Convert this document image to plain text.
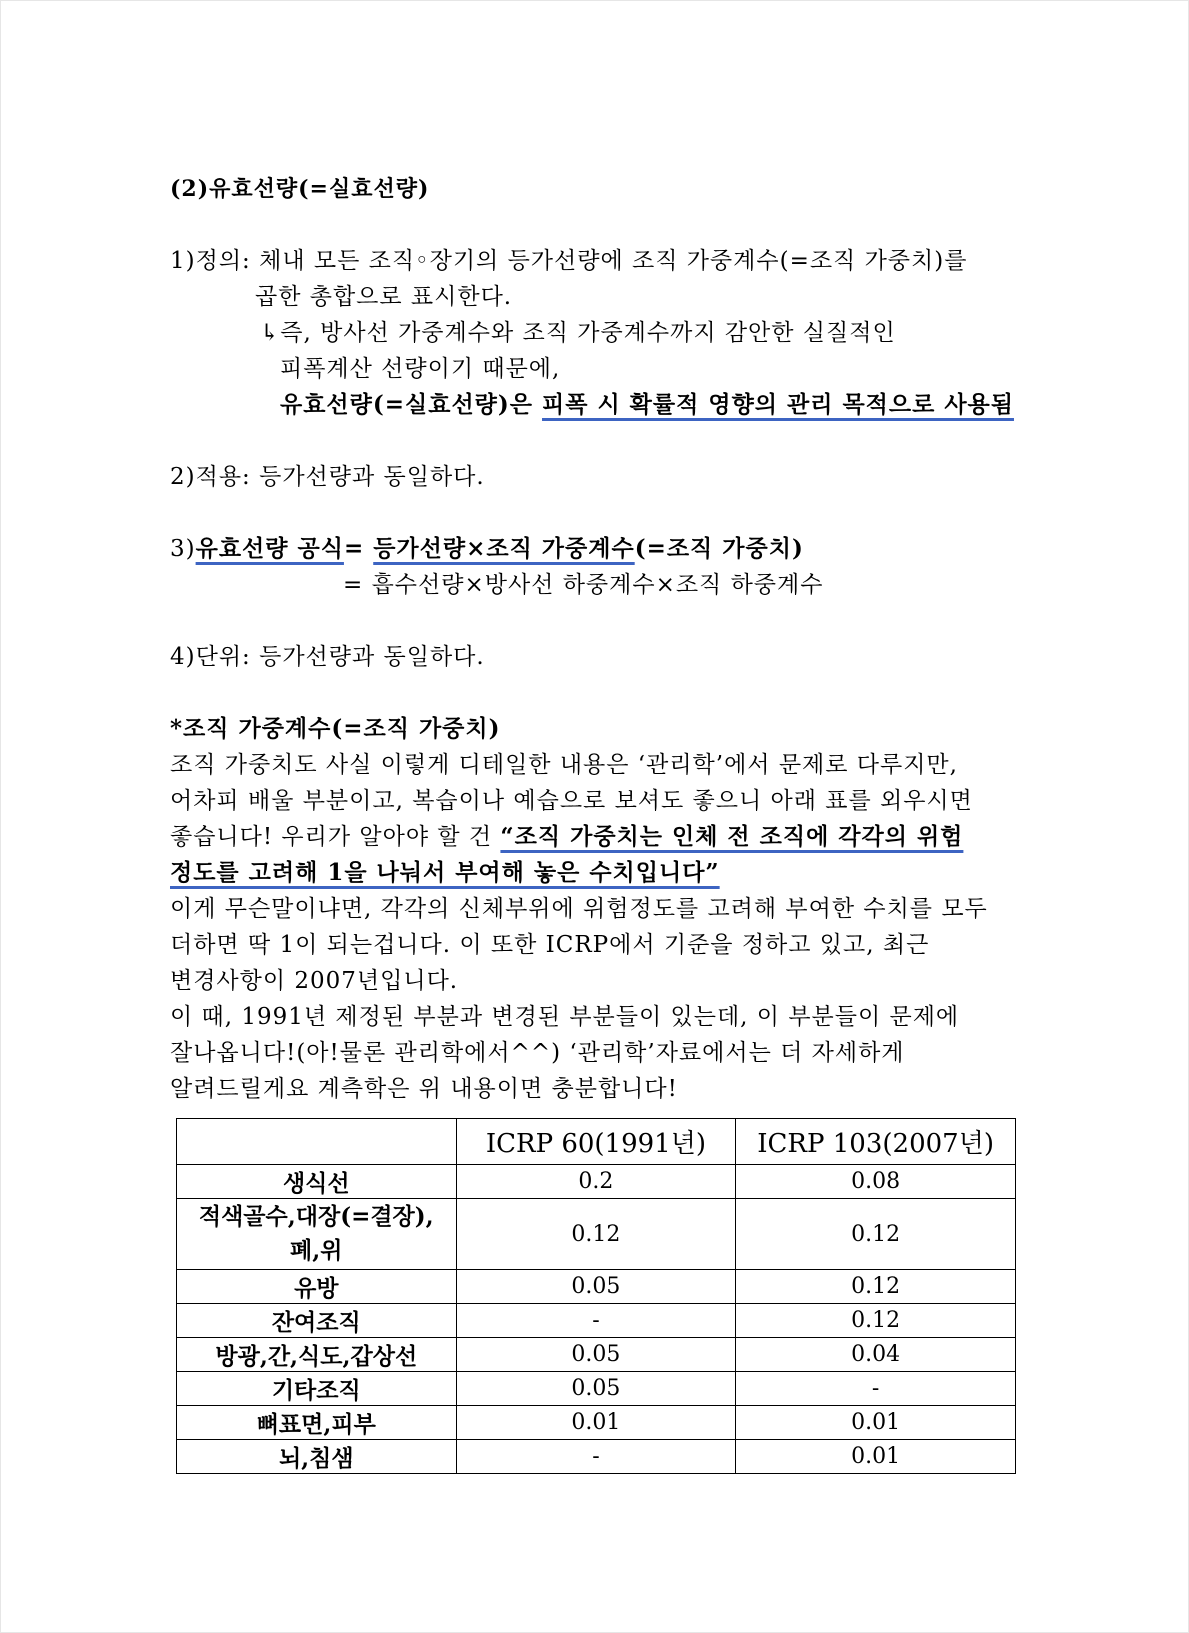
(2)유효선량(=실효선량)
1)정의: 체내 모든 조직◦장기의 등가선량에 조직 가중계수(=조직 가중치)를
곱한 총합으로 표시한다.
↳즉, 방사선 가중계수와 조직 가중계수까지 감안한 실질적인
피폭계산 선량이기 때문에,
유효선량(=실효선량)은 피폭 시 확률적 영향의 관리 목적으로 사용됨
2)적용: 등가선량과 동일하다.
3)유효선량 공식= 등가선량×조직 가중계수(=조직 가중치)
= 흡수선량×방사선 하중계수×조직 하중계수
4)단위: 등가선량과 동일하다.
*조직 가중계수(=조직 가중치)
조직 가중치도 사실 이렇게 디테일한 내용은 ‘관리학’에서 문제로 다루지만,
어차피 배울 부분이고, 복습이나 예습으로 보셔도 좋으니 아래 표를 외우시면
좋습니다! 우리가 알아야 할 건 “조직 가중치는 인체 전 조직에 각각의 위험
정도를 고려해 1을 나눠서 부여해 놓은 수치입니다”
이게 무슨말이냐면, 각각의 신체부위에 위험정도를 고려해 부여한 수치를 모두
더하면 딱 1이 되는겁니다. 이 또한 ICRP에서 기준을 정하고 있고, 최근
변경사항이 2007년입니다.
이 때, 1991년 제정된 부분과 변경된 부분들이 있는데, 이 부분들이 문제에
잘나옵니다!(아!물론 관리학에서^^) ‘관리학’자료에서는 더 자세하게
알려드릴게요 계측학은 위 내용이면 충분합니다!
	ICRP 60(1991년)	ICRP 103(2007년)
생식선	0.2	0.08

적색골수,대장(=결장),
폐,위	0.12	0.12
유방	0.05	0.12
잔여조직	-	0.12
방광,간,식도,갑상선	0.05	0.04
기타조직	0.05	-
뼈표면,피부	0.01	0.01
뇌,침샘	-	0.01
